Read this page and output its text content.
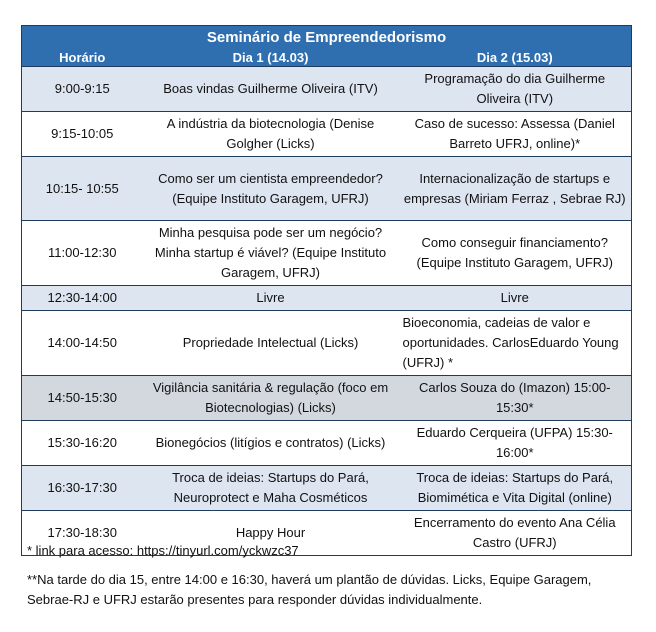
Seminário de Empreendedorismo		
Horário	Dia 1 (14.03)	Dia 2 (15.03)
9:00-9:15	Boas vindas Guilherme Oliveira (ITV)	Programação do dia Guilherme Oliveira (ITV)
9:15-10:05	A indústria da biotecnologia (Denise Golgher (Licks)	Caso de sucesso: Assessa (Daniel Barreto UFRJ, online)*
10:15- 10:55	Como ser um cientista empreendedor? (Equipe Instituto Garagem, UFRJ)	Internacionalização de startups e empresas (Miriam Ferraz , Sebrae RJ)
11:00-12:30	Minha pesquisa pode ser um negócio? Minha startup é viável? (Equipe Instituto Garagem, UFRJ)	Como conseguir financiamento?(Equipe Instituto Garagem, UFRJ)
12:30-14:00	Livre	Livre
14:00-14:50	Propriedade Intelectual (Licks)	Bioeconomia, cadeias de valor e oportunidades. CarlosEduardo Young (UFRJ) *
14:50-15:30	Vigilância sanitária & regulação (foco em Biotecnologias) (Licks)	Carlos Souza do (Imazon) 15:00-15:30*
15:30-16:20	Bionegócios (litígios e contratos) (Licks)	Eduardo Cerqueira (UFPA) 15:30-16:00*
16:30-17:30	Troca de ideias: Startups do Pará, Neuroprotect e Maha Cosméticos	Troca de ideias: Startups do Pará, Biomimética e Vita Digital (online)
17:30-18:30	Happy Hour	Encerramento do evento Ana Célia Castro (UFRJ)

* link para acesso: https://tinyurl.com/yckwzc37

**Na tarde do dia 15, entre 14:00 e 16:30, haverá um plantão de dúvidas. Licks, Equipe Garagem, Sebrae-RJ e UFRJ estarão presentes para responder dúvidas individualmente.
